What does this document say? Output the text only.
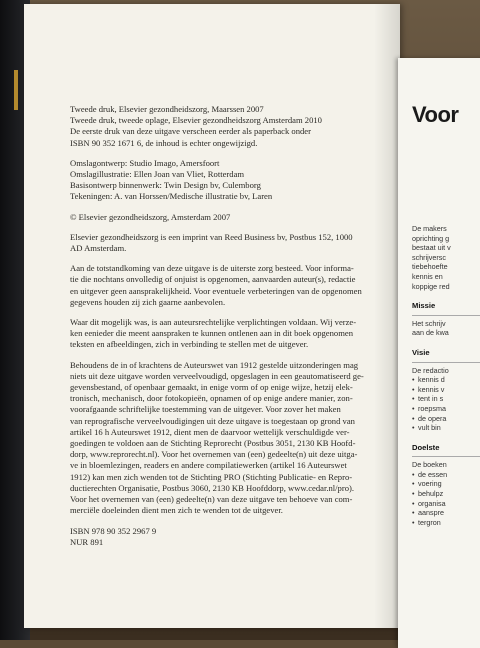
Tweede druk, Elsevier gezondheidszorg, Maarssen 2007
Tweede druk, tweede oplage, Elsevier gezondheidszorg Amsterdam 2010
De eerste druk van deze uitgave verscheen eerder als paperback onder
ISBN 90 352 1671 6, de inhoud is echter ongewijzigd.
Omslagontwerp: Studio Imago, Amersfoort
Omslagillustratie: Ellen Joan van Vliet, Rotterdam
Basisontwerp binnenwerk: Twin Design bv, Culemborg
Tekeningen: A. van Horssen/Medische illustratie bv, Laren
© Elsevier gezondheidszorg, Amsterdam 2007
Elsevier gezondheidszorg is een imprint van Reed Business bv, Postbus 152, 1000
AD Amsterdam.
Aan de totstandkoming van deze uitgave is de uiterste zorg besteed. Voor informa-
tie die nochtans onvolledig of onjuist is opgenomen, aanvaarden auteur(s), redactie
en uitgever geen aansprakelijkheid. Voor eventuele verbeteringen van de opgenomen
gegevens houden zij zich gaarne aanbevolen.
Waar dit mogelijk was, is aan auteursrechtelijke verplichtingen voldaan. Wij verze-
ken eenieder die meent aanspraken te kunnen ontlenen aan in dit boek opgenomen
teksten en afbeeldingen, zich in verbinding te stellen met de uitgever.
Behoudens de in of krachtens de Auteurswet van 1912 gestelde uitzonderingen mag
niets uit deze uitgave worden verveelvoudigd, opgeslagen in een geautomatiseerd ge-
gevensbestand, of openbaar gemaakt, in enige vorm of op enige wijze, hetzij elek-
tronisch, mechanisch, door fotokopieën, opnamen of op enige andere manier, zon-
voorafgaande schriftelijke toestemming van de uitgever. Voor zover het maken
van reprografische verveelvoudigingen uit deze uitgave is toegestaan op grond van
artikel 16 h Auteurswet 1912, dient men de daarvoor wettelijk verschuldigde ver-
goedingen te voldoen aan de Stichting Reprorecht (Postbus 3051, 2130 KB Hoofd-
dorp, www.reprorecht.nl). Voor het overnemen van (een) gedeelte(n) uit deze uitga-
ve in bloemlezingen, readers en andere compilatiewerken (artikel 16 Auteurswet
1912) kan men zich wenden tot de Stichting PRO (Stichting Publicatie- en Repro-
ductierechten Organisatie, Postbus 3060, 2130 KB Hoofddorp, www.cedar.nl/pro).
Voor het overnemen van (een) gedeelte(n) van deze uitgave ten behoeve van com-
merciële doeleinden dient men zich te wenden tot de uitgever.
ISBN 978 90 352 2967 9
NUR 891
Voor
De makers
oprichting g
bestaat uit v
schrijversc
tiebehoefte
kennis en
koppige red
Missie
Het schrijv
aan de kwa
Visie
De redactio
• kennis d
• kennis v
• tent in s
• roepsma
• de opera
• vult bin
Doelste
De boeken
• de essen
• voering
• behulpz
• organisa
• aanspre
• tergron
